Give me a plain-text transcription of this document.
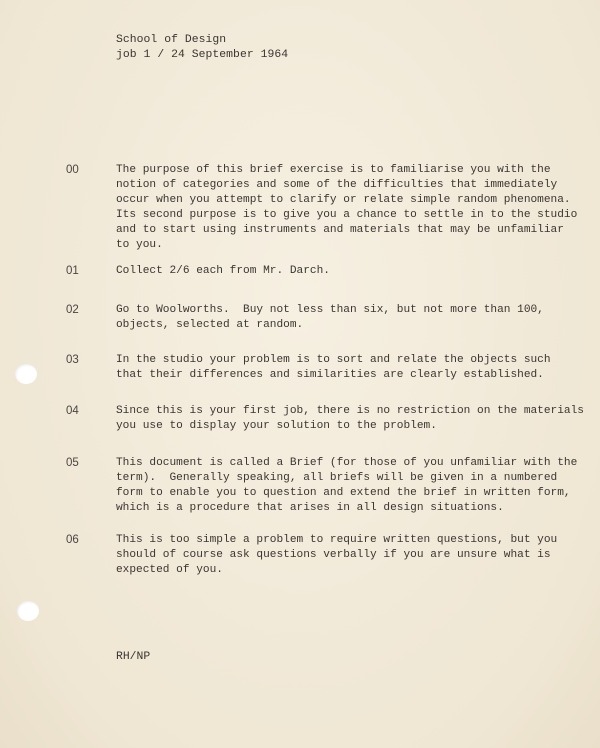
School of Design
job 1 / 24 September 1964
00	The purpose of this brief exercise is to familiarise you with the
notion of categories and some of the difficulties that immediately
occur when you attempt to clarify or relate simple random phenomena.
Its second purpose is to give you a chance to settle in to the studio
and to start using instruments and materials that may be unfamiliar
to you.
01	Collect 2/6 each from Mr. Darch.
02	Go to Woolworths.  Buy not less than six, but not more than 100,
objects, selected at random.
03	In the studio your problem is to sort and relate the objects such
that their differences and similarities are clearly established.
04	Since this is your first job, there is no restriction on the materials
you use to display your solution to the problem.
05	This document is called a Brief (for those of you unfamiliar with the
term).  Generally speaking, all briefs will be given in a numbered
form to enable you to question and extend the brief in written form,
which is a procedure that arises in all design situations.
06	This is too simple a problem to require written questions, but you
should of course ask questions verbally if you are unsure what is
expected of you.
RH/NP
